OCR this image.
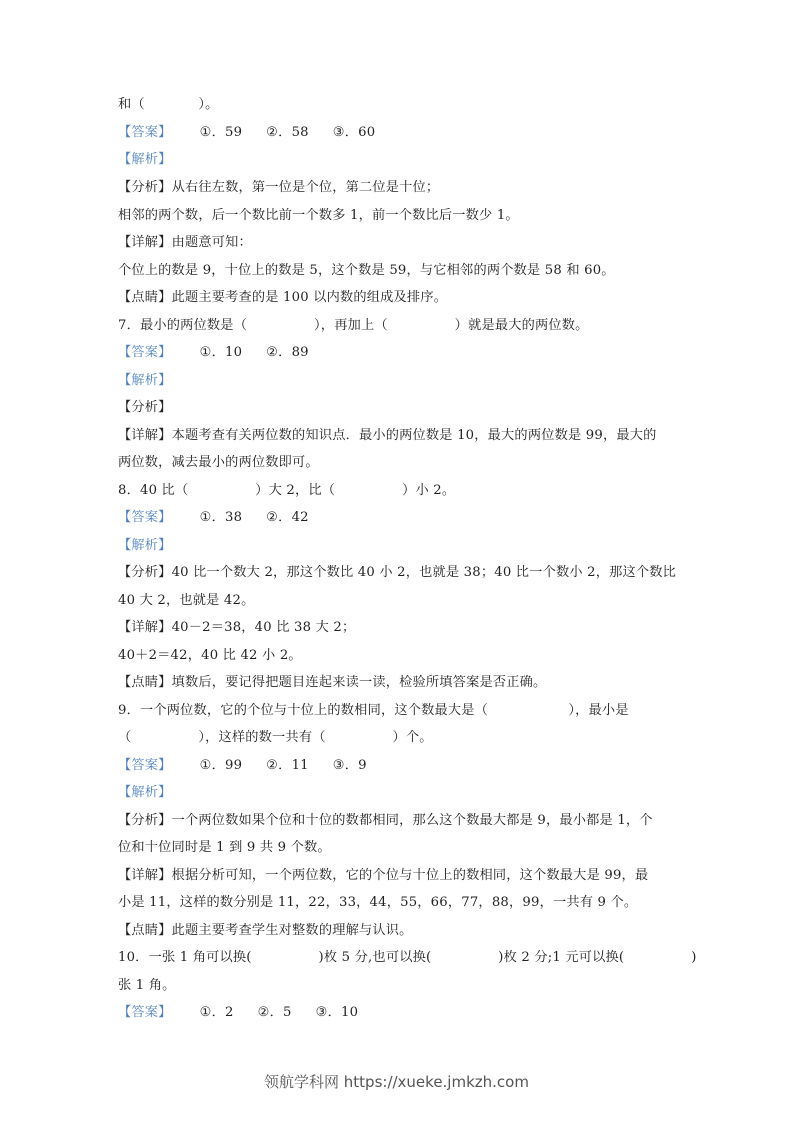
和（　　　　）。
【答案】 ①．59 ②．58 ③．60
【解析】
【分析】从右往左数，第一位是个位，第二位是十位；
相邻的两个数，后一个数比前一个数多 1，前一个数比后一数少 1。
【详解】由题意可知：
个位上的数是 9，十位上的数是 5，这个数是 59，与它相邻的两个数是 58 和 60。
【点睛】此题主要考查的是 100 以内数的组成及排序。
7．最小的两位数是（　　　　　），再加上（　　　　　）就是最大的两位数。
【答案】 ①．10 ②．89
【解析】
【分析】
【详解】本题考查有关两位数的知识点．最小的两位数是 10，最大的两位数是 99，最大的
两位数，减去最小的两位数即可。
8．40 比（　　　　　）大 2，比（　　　　　）小 2。
【答案】 ①．38 ②．42
【解析】
【分析】40 比一个数大 2，那这个数比 40 小 2，也就是 38；40 比一个数小 2，那这个数比
40 大 2，也就是 42。
【详解】40－2＝38，40 比 38 大 2；
40＋2＝42，40 比 42 小 2。
【点睛】填数后，要记得把题目连起来读一读，检验所填答案是否正确。
9．一个两位数，它的个位与十位上的数相同，这个数最大是（　　　　　　），最小是
（　　　　　），这样的数一共有（　　　　　）个。
【答案】 ①．99 ②．11 ③．9
【解析】
【分析】一个两位数如果个位和十位的数都相同，那么这个数最大都是 9，最小都是 1，个
位和十位同时是 1 到 9 共 9 个数。
【详解】根据分析可知，一个两位数，它的个位与十位上的数相同，这个数最大是 99，最
小是 11，这样的数分别是 11，22，33，44，55，66，77，88，99，一共有 9 个。
【点睛】此题主要考查学生对整数的理解与认识。
10．一张 1 角可以换(　　　　　)枚 5 分,也可以换(　　　　　)枚 2 分;1 元可以换(　　　　　)
张 1 角。
【答案】 ①．2 ②．5 ③．10
领航学科网 https://xueke.jmkzh.com
